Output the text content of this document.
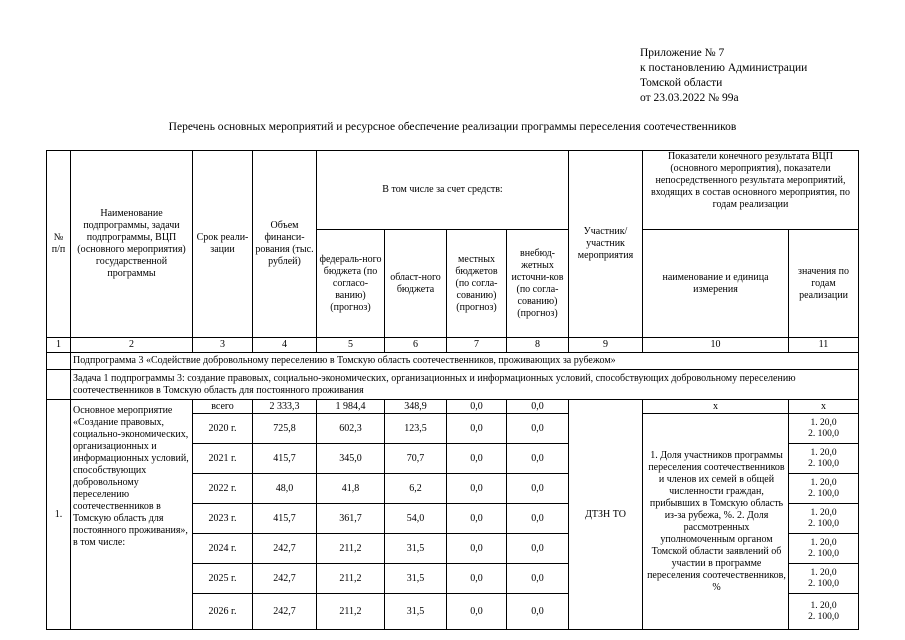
Приложение № 7
к постановлению Администрации
Томской области
от 23.03.2022 № 99а
Перечень основных мероприятий и ресурсное обеспечение реализации программы переселения соотечественников
№ п/п	Наименование подпрограммы, задачи подпрограммы, ВЦП (основного мероприятия) государственной программы	Срок реали-зации	Объем финанси-рования (тыс. рублей)	В том числе за счет средств:				Участник/ участник мероприятия	Показатели конечного результата ВЦП (основного мероприятия), показатели непосредственного результата мероприятий, входящих в состав основного мероприятия, по годам реализации	
				федераль-ного бюджета (по согласо-ванию) (прогноз)	област-ного бюджета	местных бюджетов (по согла-сованию) (прогноз)	внебюд-жетных источни-ков (по согла-сованию) (прогноз)		наименование и единица измерения	значения по годам реализации
1	2	3	4	5	6	7	8	9	10	11
	Подпрограмма 3 «Содействие добровольному переселению в Томскую область соотечественников, проживающих за рубежом»									
	Задача 1 подпрограммы 3: создание правовых, социально-экономических, организационных и информационных условий, способствующих добровольному переселению соотечественников в Томскую область для постоянного проживания									
1.	Основное мероприятие «Создание правовых, социально-экономических, организационных и информационных условий, способствующих добровольному переселению соотечественников в Томскую область для постоянного проживания», в том числе:	всего	2 333,3	1 984,4	348,9	0,0	0,0	ДТЗН ТО	х	х
		2020 г.	725,8	602,3	123,5	0,0	0,0		1. Доля участников программы переселения соотечественников и членов их семей в общей численности граждан, прибывших в Томскую область из-за рубежа, %. 2. Доля рассмотренных уполномоченным органом Томской области заявлений об участии в программе переселения соотечественников, %	1. 20,0
2. 100,0

		2021 г.	415,7	345,0	70,7	0,0	0,0			1. 20,0
2. 100,0

		2022 г.	48,0	41,8	6,2	0,0	0,0			1. 20,0
2. 100,0

		2023 г.	415,7	361,7	54,0	0,0	0,0			1. 20,0
2. 100,0

		2024 г.	242,7	211,2	31,5	0,0	0,0			1. 20,0
2. 100,0

		2025 г.	242,7	211,2	31,5	0,0	0,0			1. 20,0
2. 100,0

		2026 г.	242,7	211,2	31,5	0,0	0,0			1. 20,0
2. 100,0
